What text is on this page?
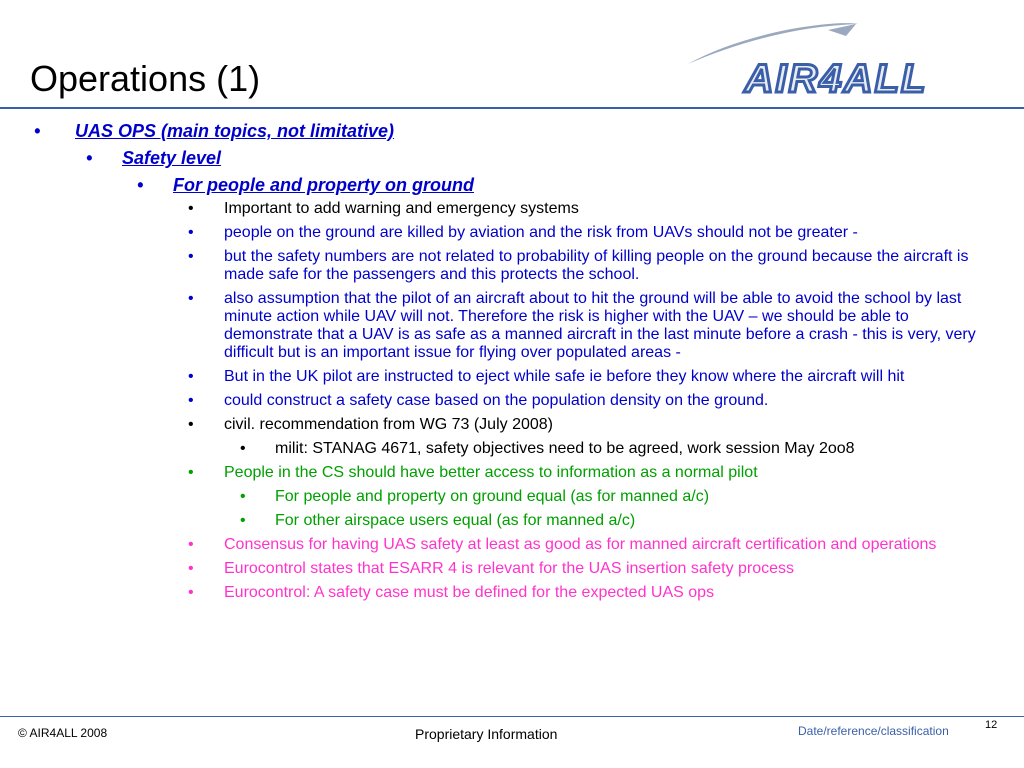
Operations (1)	AIR4ALL
• UAS OPS (main topics, not limitative)
• Safety level
• For people and property on ground
• Important to add warning and emergency systems
• people on the ground are killed by aviation and the risk from UAVs should not be greater -
• but the safety numbers are not related to probability of killing people on the ground because the aircraft is made safe for the passengers and this protects the school.
• also assumption that the pilot of an aircraft about to hit the ground will be able to avoid the school by last minute action while UAV will not. Therefore the risk is higher with the UAV – we should be able to demonstrate that a UAV is as safe as a manned aircraft in the last minute before a crash - this is very, very difficult but is an important issue for flying over populated areas -
• But in the UK pilot are instructed to eject while safe ie before they know where the aircraft will hit
• could construct a safety case based on the population density on the ground.
• civil. recommendation from WG 73 (July 2008)
• milit: STANAG 4671, safety objectives need to be agreed, work session May 2oo8
• People in the CS should have better access to information as a normal pilot
• For people and property on ground equal (as for manned a/c)
• For other airspace users equal (as for manned a/c)
• Consensus for having UAS safety at least as good as for manned aircraft certification and operations
• Eurocontrol states that ESARR 4 is relevant for the UAS insertion safety process
• Eurocontrol: A safety case must be defined for the expected UAS ops
© AIR4ALL 2008	Proprietary Information	Date/reference/classification	12
